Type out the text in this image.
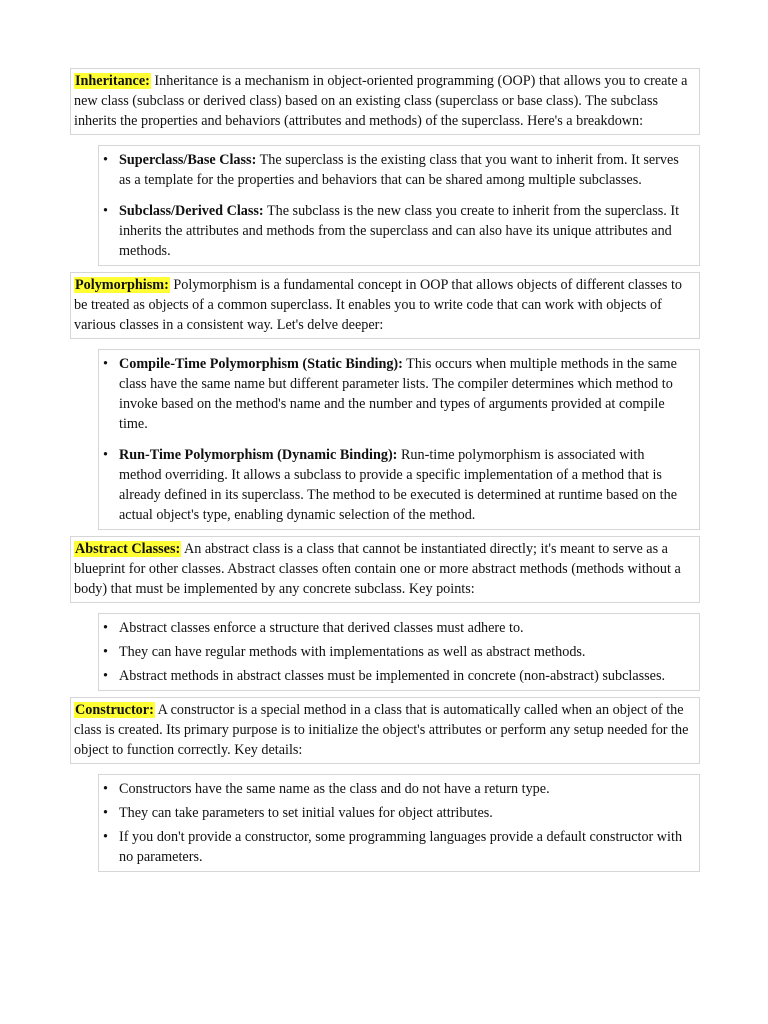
Inheritance: Inheritance is a mechanism in object-oriented programming (OOP) that allows you to create a new class (subclass or derived class) based on an existing class (superclass or base class). The subclass inherits the properties and behaviors (attributes and methods) of the superclass. Here's a breakdown:

• Superclass/Base Class: The superclass is the existing class that you want to inherit from. It serves as a template for the properties and behaviors that can be shared among multiple subclasses.
• Subclass/Derived Class: The subclass is the new class you create to inherit from the superclass. It inherits the attributes and methods from the superclass and can also have its unique attributes and methods.

Polymorphism: Polymorphism is a fundamental concept in OOP that allows objects of different classes to be treated as objects of a common superclass. It enables you to write code that can work with objects of various classes in a consistent way. Let's delve deeper:

• Compile-Time Polymorphism (Static Binding): This occurs when multiple methods in the same class have the same name but different parameter lists. The compiler determines which method to invoke based on the method's name and the number and types of arguments provided at compile time.
• Run-Time Polymorphism (Dynamic Binding): Run-time polymorphism is associated with method overriding. It allows a subclass to provide a specific implementation of a method that is already defined in its superclass. The method to be executed is determined at runtime based on the actual object's type, enabling dynamic selection of the method.

Abstract Classes: An abstract class is a class that cannot be instantiated directly; it's meant to serve as a blueprint for other classes. Abstract classes often contain one or more abstract methods (methods without a body) that must be implemented by any concrete subclass. Key points:

• Abstract classes enforce a structure that derived classes must adhere to.
• They can have regular methods with implementations as well as abstract methods.
• Abstract methods in abstract classes must be implemented in concrete (non-abstract) subclasses.

Constructor: A constructor is a special method in a class that is automatically called when an object of the class is created. Its primary purpose is to initialize the object's attributes or perform any setup needed for the object to function correctly. Key details:

• Constructors have the same name as the class and do not have a return type.
• They can take parameters to set initial values for object attributes.
• If you don't provide a constructor, some programming languages provide a default constructor with no parameters.
